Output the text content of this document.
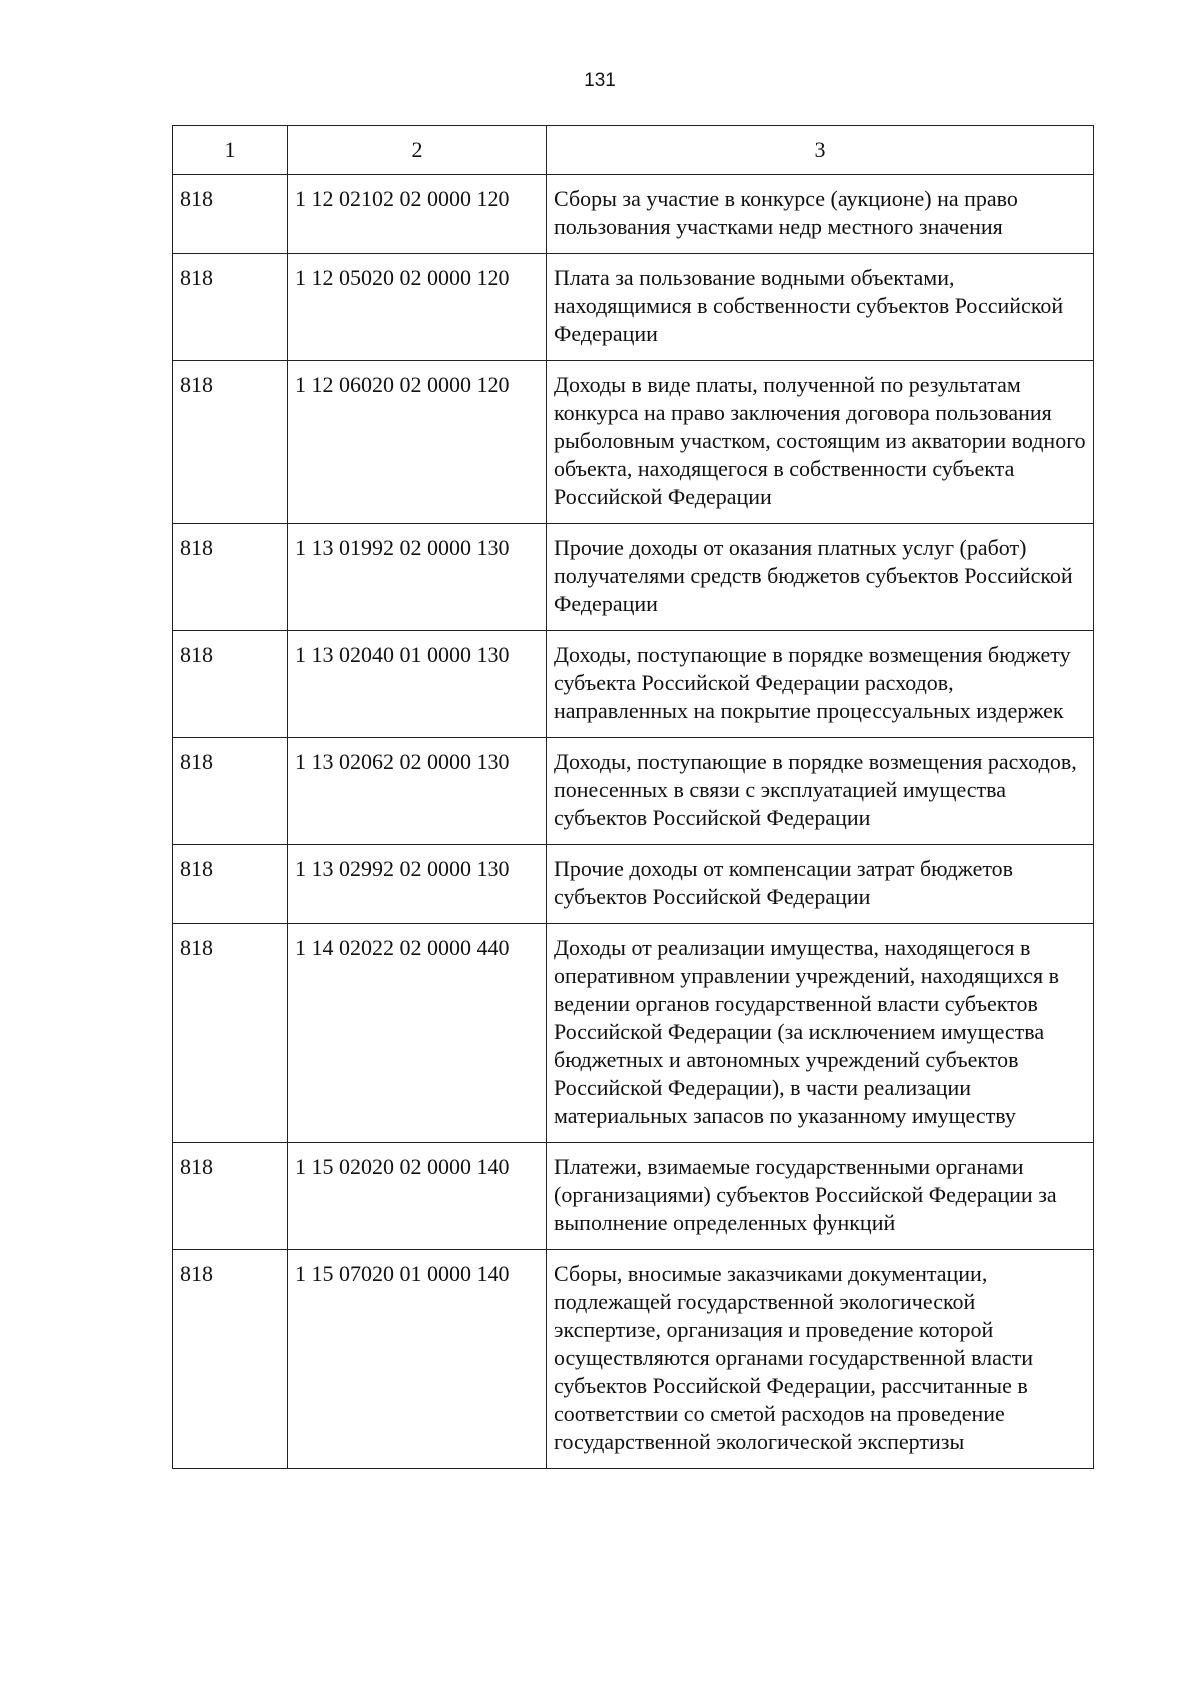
131
1	2	3
818	1 12 02102 02 0000 120	Сборы за участие в конкурсе (аукционе) на право пользования участками недр местного значения
818	1 12 05020 02 0000 120	Плата за пользование водными объектами, находящимися в собственности субъектов Российской Федерации
818	1 12 06020 02 0000 120	Доходы в виде платы, полученной по результатам конкурса на право заключения договора пользования рыболовным участком, состоящим из акватории водного объекта, находящегося в собственности субъекта Российской Федерации
818	1 13 01992 02 0000 130	Прочие доходы от оказания платных услуг (работ) получателями средств бюджетов субъектов Российской Федерации
818	1 13 02040 01 0000 130	Доходы, поступающие в порядке возмещения бюджету субъекта Российской Федерации расходов, направленных на покрытие процессуальных издержек
818	1 13 02062 02 0000 130	Доходы, поступающие в порядке возмещения расходов, понесенных в связи с эксплуатацией имущества субъектов Российской Федерации
818	1 13 02992 02 0000 130	Прочие доходы от компенсации затрат бюджетов субъектов Российской Федерации
818	1 14 02022 02 0000 440	Доходы от реализации имущества, находящегося в оперативном управлении учреждений, находящихся в ведении органов государственной власти субъектов Российской Федерации (за исключением имущества бюджетных и автономных учреждений субъектов Российской Федерации), в части реализации материальных запасов по указанному имуществу
818	1 15 02020 02 0000 140	Платежи, взимаемые государственными органами (организациями) субъектов Российской Федерации за выполнение определенных функций
818	1 15 07020 01 0000 140	Сборы, вносимые заказчиками документации, подлежащей государственной экологической экспертизе, организация и проведение которой осуществляются органами государственной власти субъектов Российской Федерации, рассчитанные в соответствии со сметой расходов на проведение государственной экологической экспертизы
